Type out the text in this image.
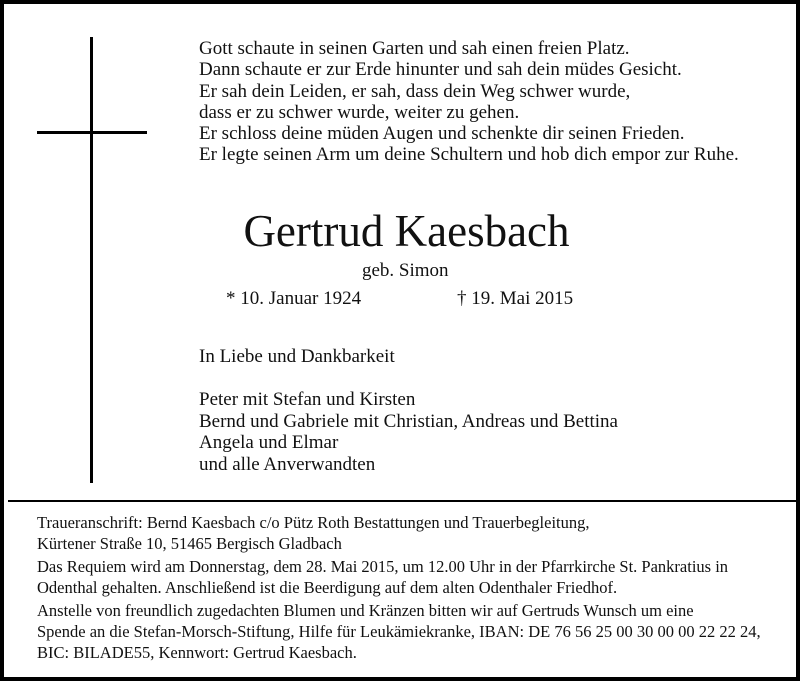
Gott schaute in seinen Garten und sah einen freien Platz.
Dann schaute er zur Erde hinunter und sah dein müdes Gesicht.
Er sah dein Leiden, er sah, dass dein Weg schwer wurde,
dass er zu schwer wurde, weiter zu gehen.
Er schloss deine müden Augen und schenkte dir seinen Frieden.
Er legte seinen Arm um deine Schultern und hob dich empor zur Ruhe.
Gertrud Kaesbach
geb. Simon
* 10. Januar 1924	† 19. Mai 2015
In Liebe und Dankbarkeit
Peter mit Stefan und Kirsten
Bernd und Gabriele mit Christian, Andreas und Bettina
Angela und Elmar
und alle Anverwandten
Traueranschrift: Bernd Kaesbach c/o Pütz Roth Bestattungen und Trauerbegleitung,
Kürtener Straße 10, 51465 Bergisch Gladbach
Das Requiem wird am Donnerstag, dem 28. Mai 2015, um 12.00 Uhr in der Pfarrkirche St. Pankratius in
Odenthal gehalten. Anschließend ist die Beerdigung auf dem alten Odenthaler Friedhof.
Anstelle von freundlich zugedachten Blumen und Kränzen bitten wir auf Gertruds Wunsch um eine
Spende an die Stefan-Morsch-Stiftung, Hilfe für Leukämiekranke, IBAN: DE 76 56 25 00 30 00 00 22 22 24,
BIC: BILADE55, Kennwort: Gertrud Kaesbach.
